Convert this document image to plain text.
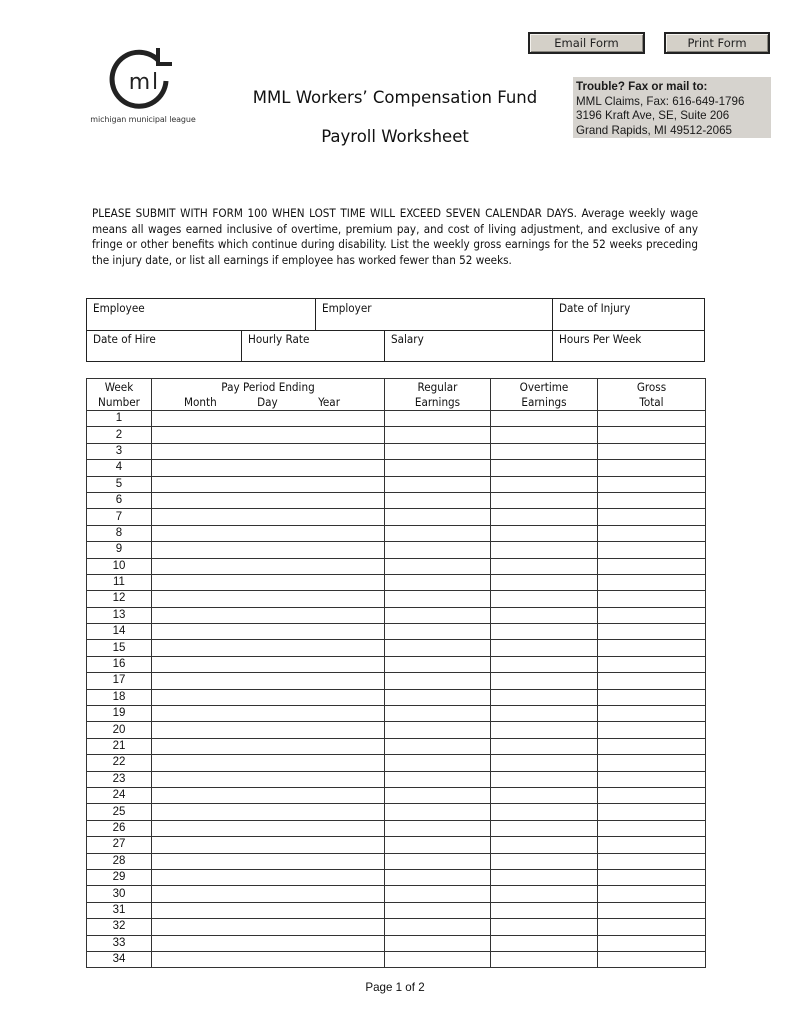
m l
michigan municipal league
MML Workers’ Compensation Fund
Payroll Worksheet
Email Form	Print Form
Trouble? Fax or mail to:
MML Claims, Fax: 616-649-1796
3196 Kraft Ave, SE, Suite 206
Grand Rapids, MI 49512-2065
PLEASE SUBMIT WITH FORM 100 WHEN LOST TIME WILL EXCEED SEVEN CALENDAR DAYS. Average weekly wage means all wages earned inclusive of overtime, premium pay, and cost of living adjustment, and exclusive of any fringe or other benefits which continue during disability. List the weekly gross earnings for the 52 weeks preceding the injury date, or list all earnings if employee has worked fewer than 52 weeks.
Employee	Employer	Date of Injury
Date of Hire	Hourly Rate	Salary	Hours Per Week
Week
Number

Pay Period Ending
Month	Day	Year

Regular
Earnings

Overtime
Earnings

Gross
Total

1				
2				
3				
4				
5				
6				
7				
8				
9				
10				
11				
12				
13				
14				
15				
16				
17				
18				
19				
20				
21				
22				
23				
24				
25				
26				
27				
28				
29				
30				
31				
32				
33				
34				
Page 1 of 2
